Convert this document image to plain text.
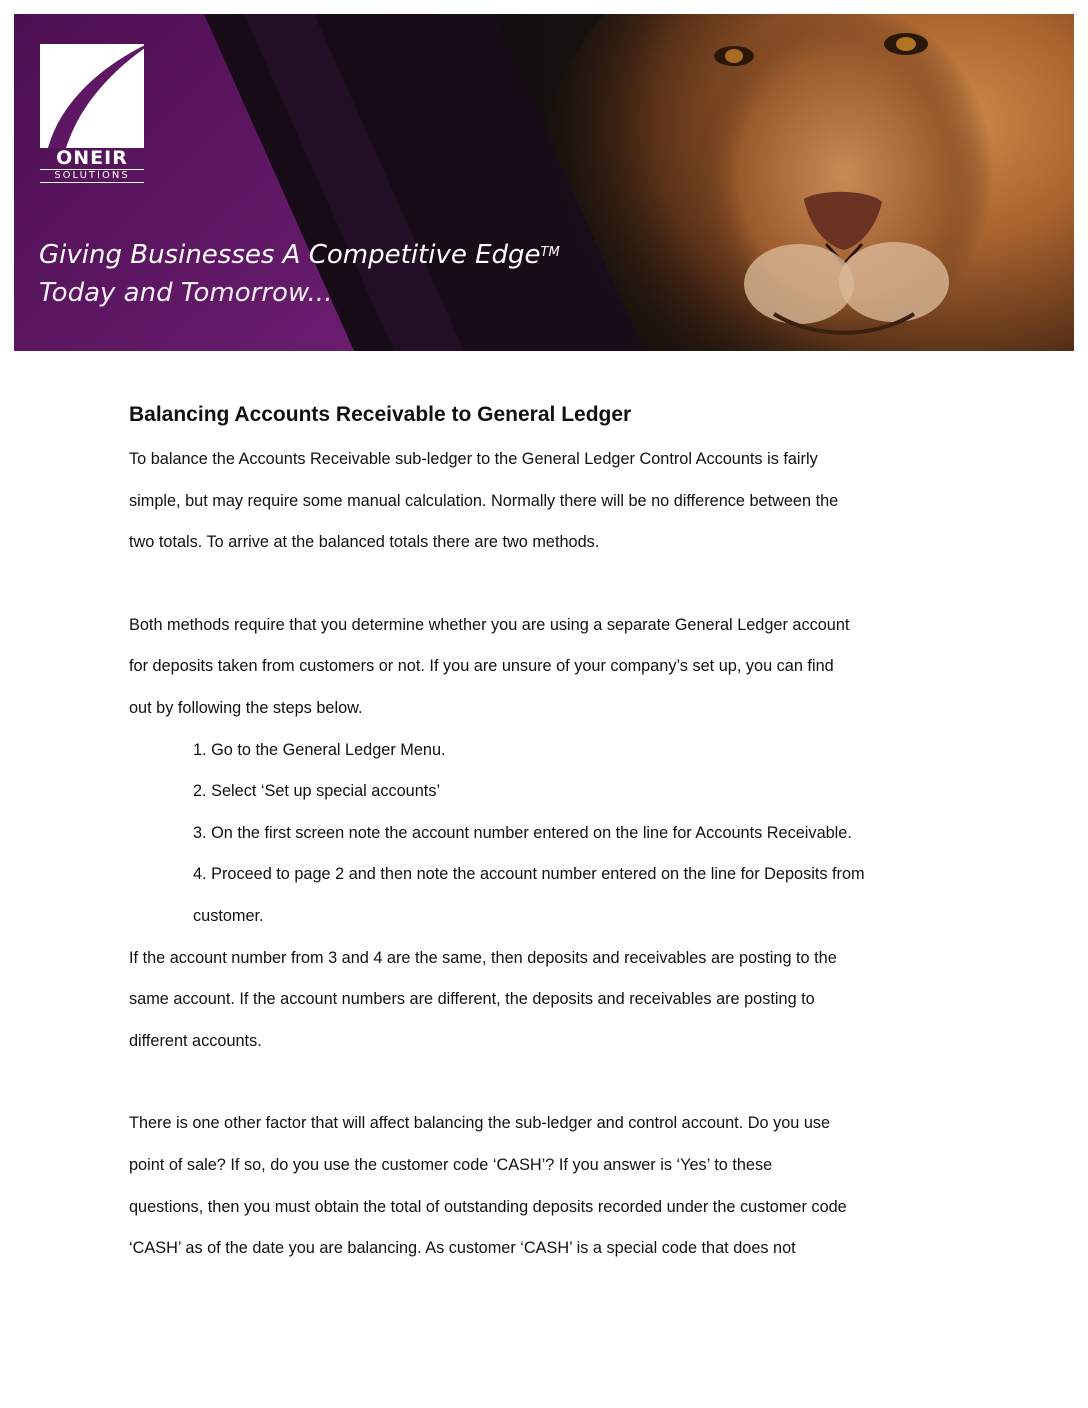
ONEIR
SOLUTIONS
Giving Businesses A Competitive Edge™
Today and Tomorrow...
Balancing Accounts Receivable to General Ledger

To balance the Accounts Receivable sub-ledger to the General Ledger Control Accounts is fairly

simple, but may require some manual calculation. Normally there will be no difference between the

two totals. To arrive at the balanced totals there are two methods.

Both methods require that you determine whether you are using a separate General Ledger account

for deposits taken from customers or not. If you are unsure of your company’s set up, you can find

out by following the steps below.

1. Go to the General Ledger Menu.

2. Select ‘Set up special accounts’

3. On the first screen note the account number entered on the line for Accounts Receivable.

4. Proceed to page 2 and then note the account number entered on the line for Deposits from

customer.

If the account number from 3 and 4 are the same, then deposits and receivables are posting to the

same account. If the account numbers are different, the deposits and receivables are posting to

different accounts.

There is one other factor that will affect balancing the sub-ledger and control account. Do you use

point of sale? If so, do you use the customer code ‘CASH’? If you answer is ‘Yes’ to these

questions, then you must obtain the total of outstanding deposits recorded under the customer code

‘CASH’ as of the date you are balancing. As customer ‘CASH’ is a special code that does not
